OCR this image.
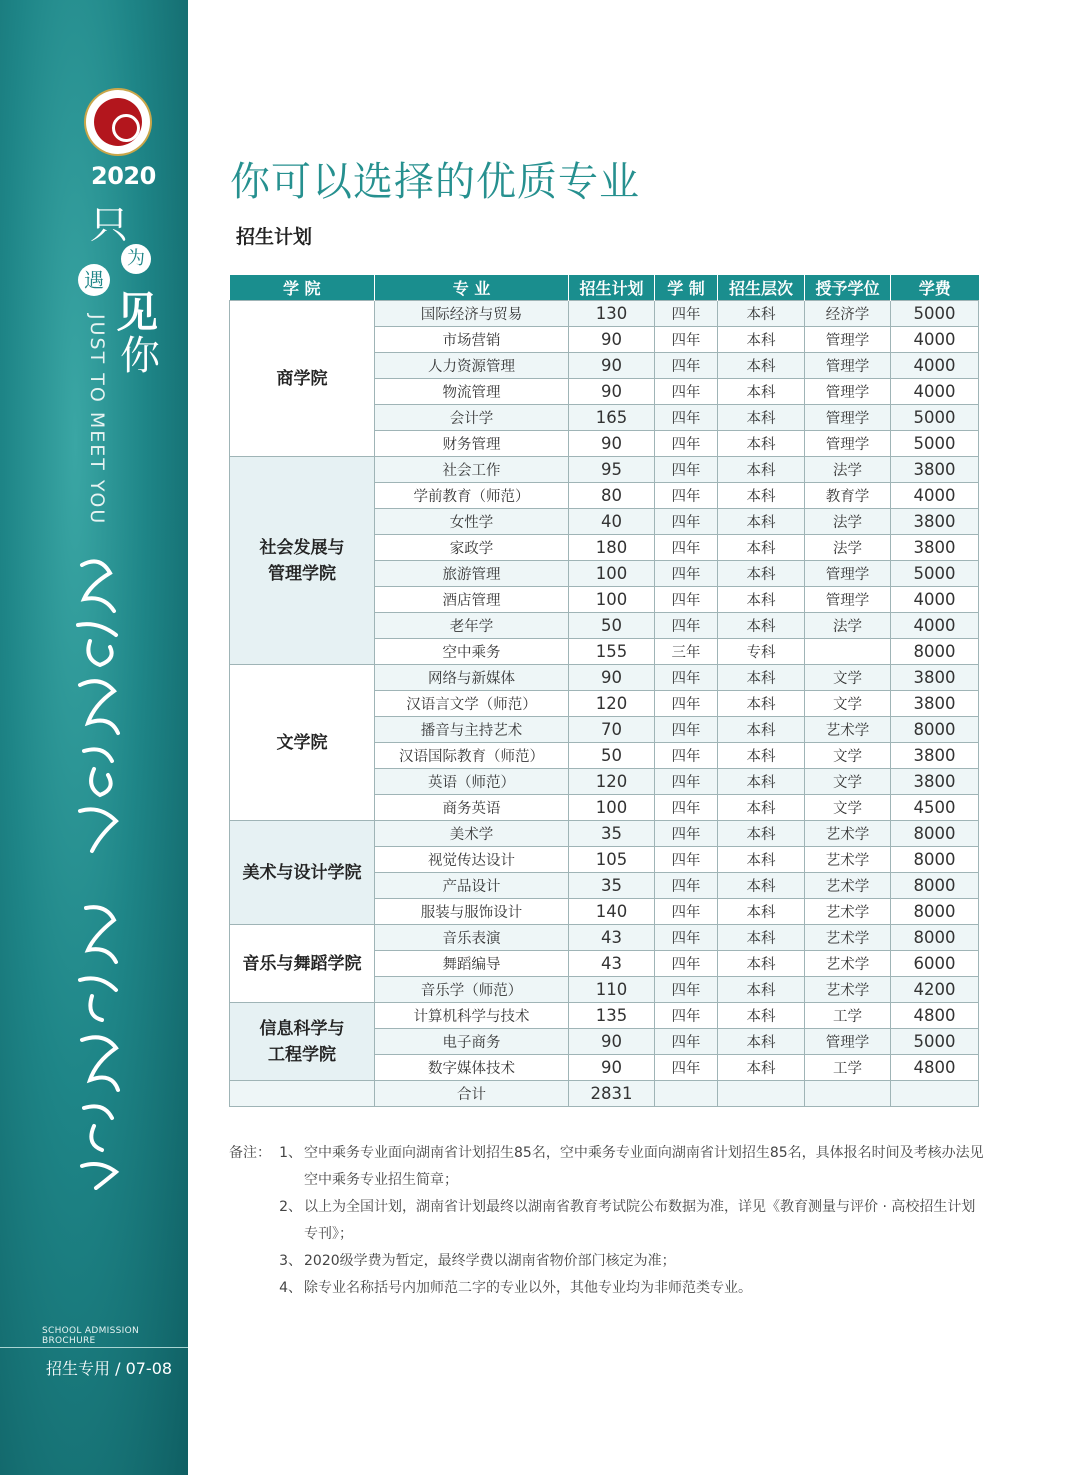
2020
只
为
遇
见
你
JUST TO MEET YOU
SCHOOL ADMISSION BROCHURE
招生专用 / 07-08
你可以选择的优质专业
招生计划
学 院	专 业	招生计划	学 制	招生层次	授予学位	学费
商学院	国际经济与贸易	130	四年	本科	经济学	5000
	市场营销	90	四年	本科	管理学	4000
	人力资源管理	90	四年	本科	管理学	4000
	物流管理	90	四年	本科	管理学	4000
	会计学	165	四年	本科	管理学	5000
	财务管理	90	四年	本科	管理学	5000
社会发展与
管理学院	社会工作	95	四年	本科	法学	3800
	学前教育（师范）	80	四年	本科	教育学	4000
	女性学	40	四年	本科	法学	3800
	家政学	180	四年	本科	法学	3800
	旅游管理	100	四年	本科	管理学	5000
	酒店管理	100	四年	本科	管理学	4000
	老年学	50	四年	本科	法学	4000
	空中乘务	155	三年	专科		8000
文学院	网络与新媒体	90	四年	本科	文学	3800
	汉语言文学（师范）	120	四年	本科	文学	3800
	播音与主持艺术	70	四年	本科	艺术学	8000
	汉语国际教育（师范）	50	四年	本科	文学	3800
	英语（师范）	120	四年	本科	文学	3800
	商务英语	100	四年	本科	文学	4500
美术与设计学院	美术学	35	四年	本科	艺术学	8000
	视觉传达设计	105	四年	本科	艺术学	8000
	产品设计	35	四年	本科	艺术学	8000
	服装与服饰设计	140	四年	本科	艺术学	8000
音乐与舞蹈学院	音乐表演	43	四年	本科	艺术学	8000
	舞蹈编导	43	四年	本科	艺术学	6000
	音乐学（师范）	110	四年	本科	艺术学	4200
信息科学与
工程学院	计算机科学与技术	135	四年	本科	工学	4800
	电子商务	90	四年	本科	管理学	5000
	数字媒体技术	90	四年	本科	工学	4800
	合计	2831				
备注： 1、 空中乘务专业面向湖南省计划招生85名，空中乘务专业面向湖南省计划招生85名，具体报名时间及考核办法见空中乘务专业招生简章；
2、 以上为全国计划，湖南省计划最终以湖南省教育考试院公布数据为准，详见《教育测量与评价 · 高校招生计划专刊》；
3、 2020级学费为暂定，最终学费以湖南省物价部门核定为准；
4、 除专业名称括号内加师范二字的专业以外，其他专业均为非师范类专业。
